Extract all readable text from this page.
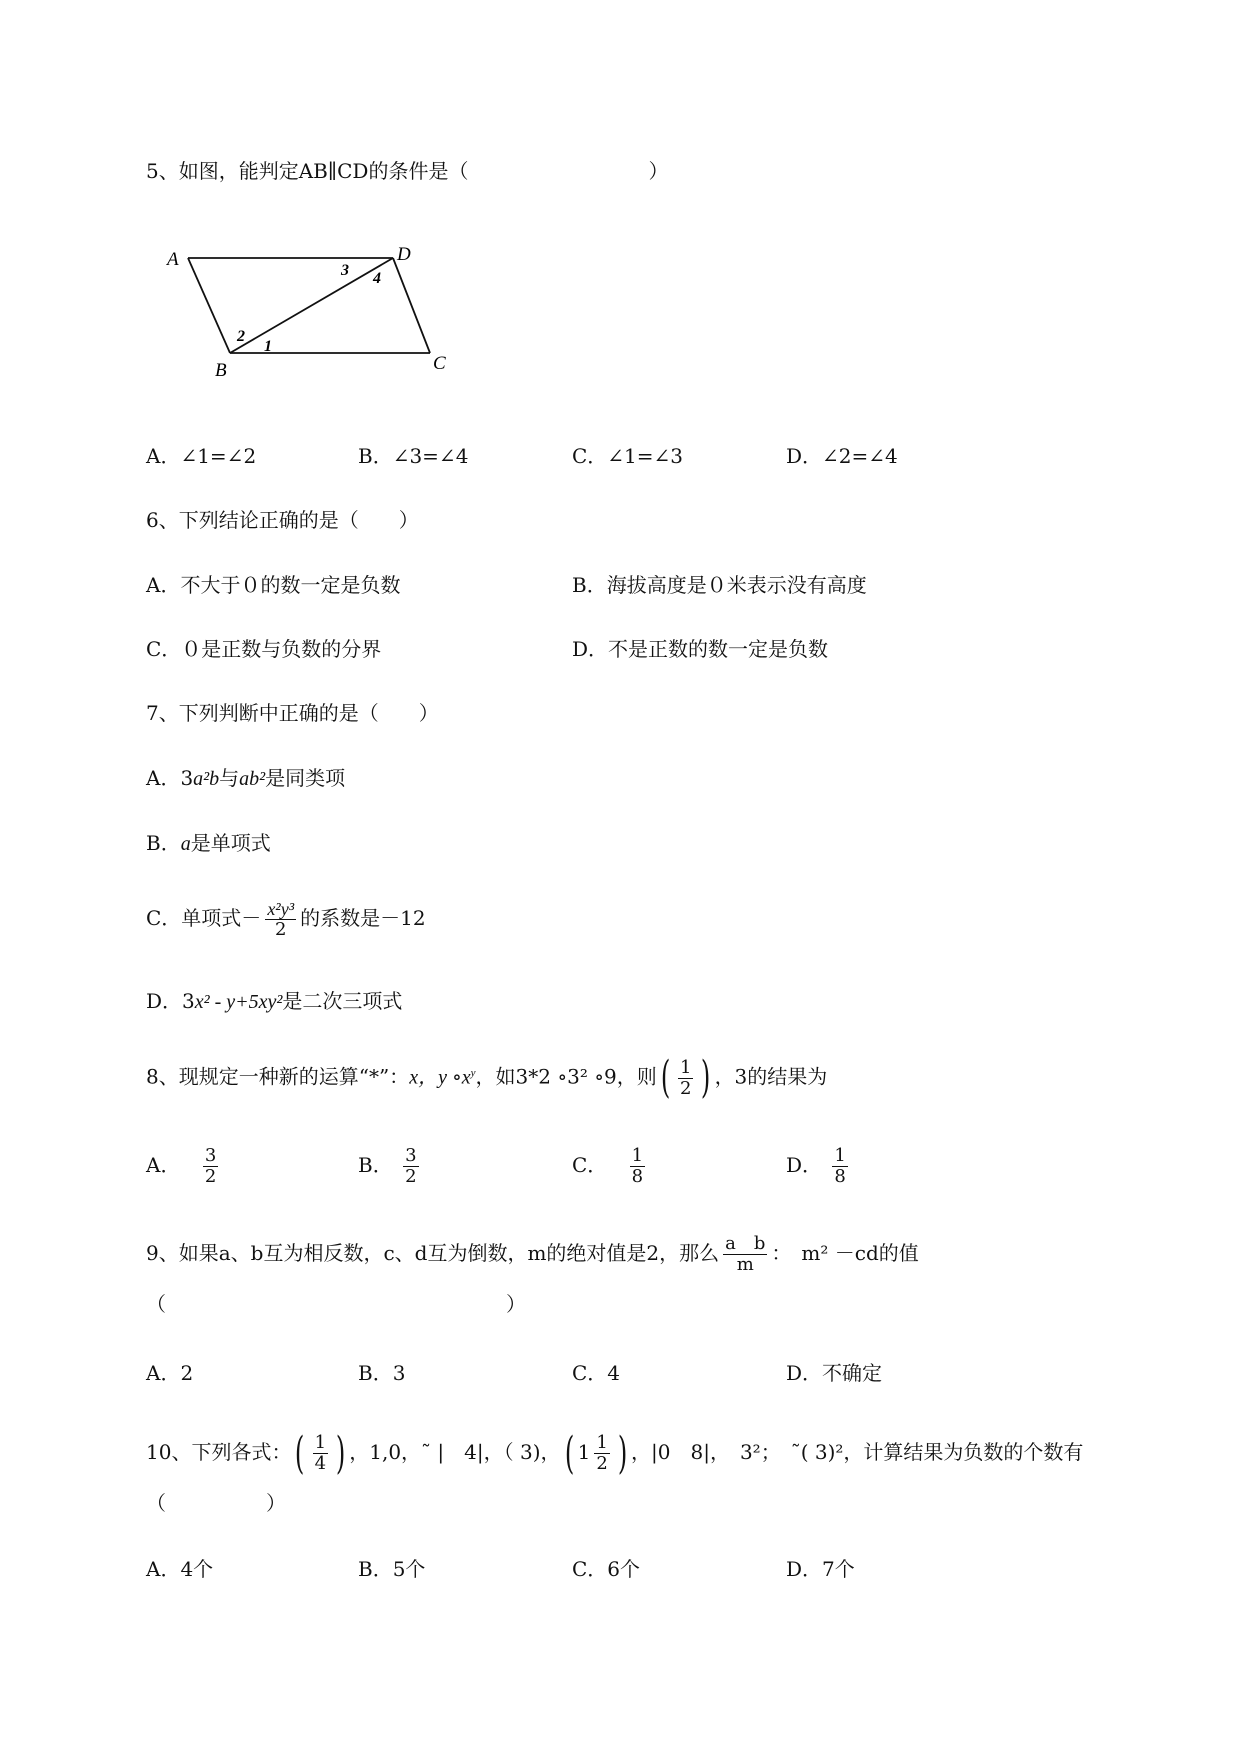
5、如图，能判定AB∥CD的条件是（　　　　　　　　　）
A	D
B	C
1
2
3 4
A．∠1=∠2	B．∠3=∠4	C．∠1=∠3	D．∠2=∠4
6、下列结论正确的是（　　）
A．不大于０的数一定是负数	B．海拔高度是０米表示没有高度
C．０是正数与负数的分界	D．不是正数的数一定是负数
7、下列判断中正确的是（　　）
A．3a²b与ab²是同类项
B．a是单项式
C．单项式－ $\frac{\text{x²y³}}{2}$ 的系数是－12
D．3x² - y+5xy²是二次三项式
8、现规定一种新的运算“*”：x，y $\circ x^y$，如3*2 ∘3² ∘9，则( $\frac{1}{2}$ ) ，3的结果为
A． $\frac{3}{2}$	B． $\frac{3}{2}$	C． $\frac{1}{8}$	D． $\frac{1}{8}$
9、如果a、b互为相反数，c、d互为倒数，m的绝对值是2，那么 $\frac{\text{a　b}}{m}$ ：　m² －cd的值
（　　　　　　　　　　　　　　　　　）
A．2	B．3	C．4	D．不确定
10、下列各式：( $\frac{1}{4}$ ) ，1,0，˜ |　4|，（ 3)，( $1 \frac{1}{2}$ ) ，|0　8|，　3²；　˜( 3)²，计算结果为负数的个数有
（　　　　　）
A．4个	B．5个	C．6个	D．7个
